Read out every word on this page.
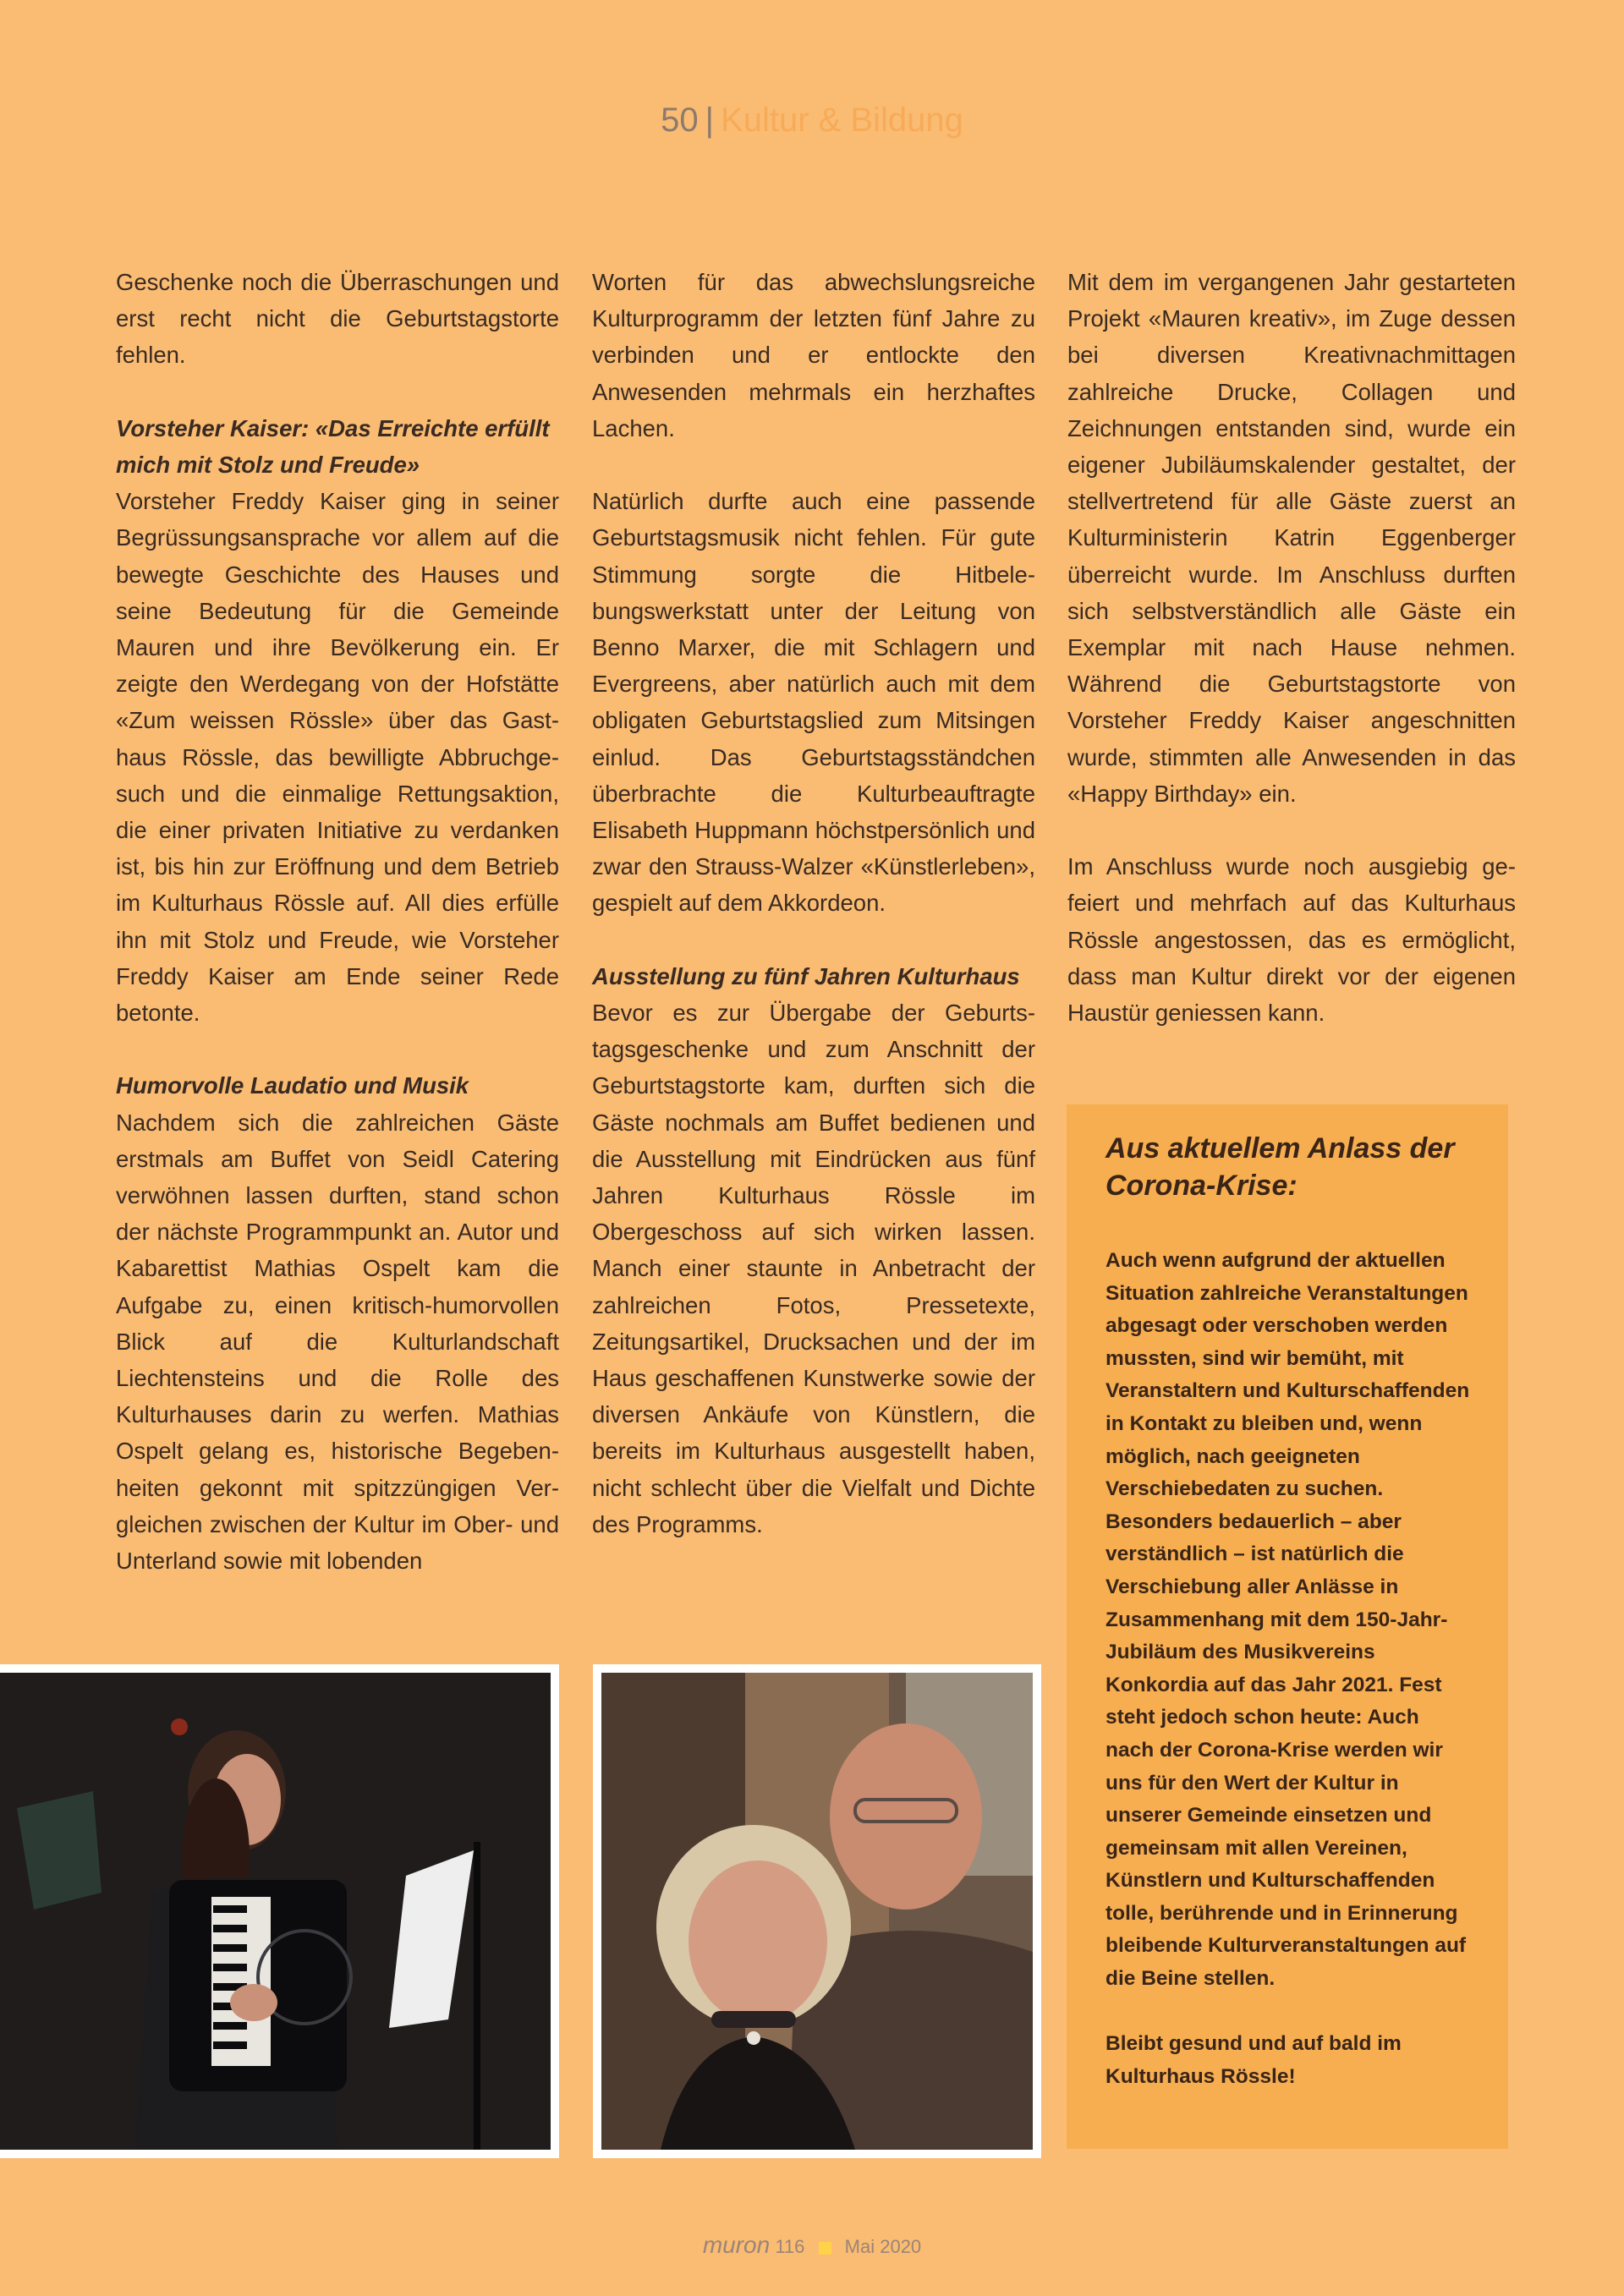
50 | Kultur & Bildung

Geschenke noch die Überraschungen und erst recht nicht die Geburtstagstorte fehlen.

Vorsteher Kaiser: «Das Erreichte erfüllt mich mit Stolz und Freude»

Vorsteher Freddy Kaiser ging in seiner Begrüssungsansprache vor allem auf die bewegte Geschichte des Hauses und seine Bedeutung für die Gemeinde Mauren und ihre Bevölkerung ein. Er zeigte den Werdegang von der Hofstätte «Zum weissen Rössle» über das Gasthaus Rössle, das bewilligte Abbruchgesuch und die einmalige Rettungsaktion, die einer privaten Initiative zu verdanken ist, bis hin zur Eröffnung und dem Betrieb im Kulturhaus Rössle auf. All dies erfülle ihn mit Stolz und Freude, wie Vorsteher Freddy Kaiser am Ende seiner Rede betonte.

Humorvolle Laudatio und Musik

Nachdem sich die zahlreichen Gäste erstmals am Buffet von Seidl Catering verwöhnen lassen durften, stand schon der nächste Programmpunkt an. Autor und Kabarettist Mathias Ospelt kam die Aufgabe zu, einen kritisch-humorvollen Blick auf die Kulturlandschaft Liechtensteins und die Rolle des Kulturhauses darin zu werfen. Mathias Ospelt gelang es, historische Begebenheiten gekonnt mit spitzzüngigen Vergleichen zwischen der Kultur im Ober- und Unterland sowie mit lobenden

Worten für das abwechslungsreiche Kulturprogramm der letzten fünf Jahre zu verbinden und er entlockte den Anwesenden mehrmals ein herzhaftes Lachen.

Natürlich durfte auch eine passende Geburtstagsmusik nicht fehlen. Für gute Stimmung sorgte die Hitbelebungswerkstatt unter der Leitung von Benno Marxer, die mit Schlagern und Evergreens, aber natürlich auch mit dem obligaten Geburtstagslied zum Mitsingen einlud. Das Geburtstagsständchen überbrachte die Kulturbeauftragte Elisabeth Huppmann höchstpersönlich und zwar den Strauss-Walzer «Künstlerleben», gespielt auf dem Akkordeon.

Ausstellung zu fünf Jahren Kulturhaus

Bevor es zur Übergabe der Geburtstagsgeschenke und zum Anschnitt der Geburtstagstorte kam, durften sich die Gäste nochmals am Buffet bedienen und die Ausstellung mit Eindrücken aus fünf Jahren Kulturhaus Rössle im Obergeschoss auf sich wirken lassen. Manch einer staunte in Anbetracht der zahlreichen Fotos, Pressetexte, Zeitungsartikel, Drucksachen und der im Haus geschaffenen Kunstwerke sowie der diversen Ankäufe von Künstlern, die bereits im Kulturhaus ausgestellt haben, nicht schlecht über die Vielfalt und Dichte des Programms.

Mit dem im vergangenen Jahr gestarteten Projekt «Mauren kreativ», im Zuge dessen bei diversen Kreativnachmittagen zahlreiche Drucke, Collagen und Zeichnungen entstanden sind, wurde ein eigener Jubiläumskalender gestaltet, der stellvertretend für alle Gäste zuerst an Kulturministerin Katrin Eggenberger überreicht wurde. Im Anschluss durften sich selbstverständlich alle Gäste ein Exemplar mit nach Hause nehmen. Während die Geburtstagstorte von Vorsteher Freddy Kaiser angeschnitten wurde, stimmten alle Anwesenden in das «Happy Birthday» ein.

Im Anschluss wurde noch ausgiebig gefeiert und mehrfach auf das Kulturhaus Rössle angestossen, das es ermöglicht, dass man Kultur direkt vor der eigenen Haustür geniessen kann.

Aus aktuellem Anlass der Corona-Krise:

Auch wenn aufgrund der aktuellen Situation zahlreiche Veranstaltungen abgesagt oder verschoben werden mussten, sind wir bemüht, mit Veranstaltern und Kulturschaffenden in Kontakt zu bleiben und, wenn möglich, nach geeigneten Verschiebedaten zu suchen. Besonders bedauerlich – aber verständlich – ist natürlich die Verschiebung aller Anlässe in Zusammenhang mit dem 150-Jahr-Jubiläum des Musikvereins Konkordia auf das Jahr 2021. Fest steht jedoch schon heute: Auch nach der Corona-Krise werden wir uns für den Wert der Kultur in unserer Gemeinde einsetzen und gemeinsam mit allen Vereinen, Künstlern und Kulturschaffenden tolle, berührende und in Erinnerung bleibende Kulturveranstaltungen auf die Beine stellen.

Bleibt gesund und auf bald im Kulturhaus Rössle!

muron 116 Mai 2020
